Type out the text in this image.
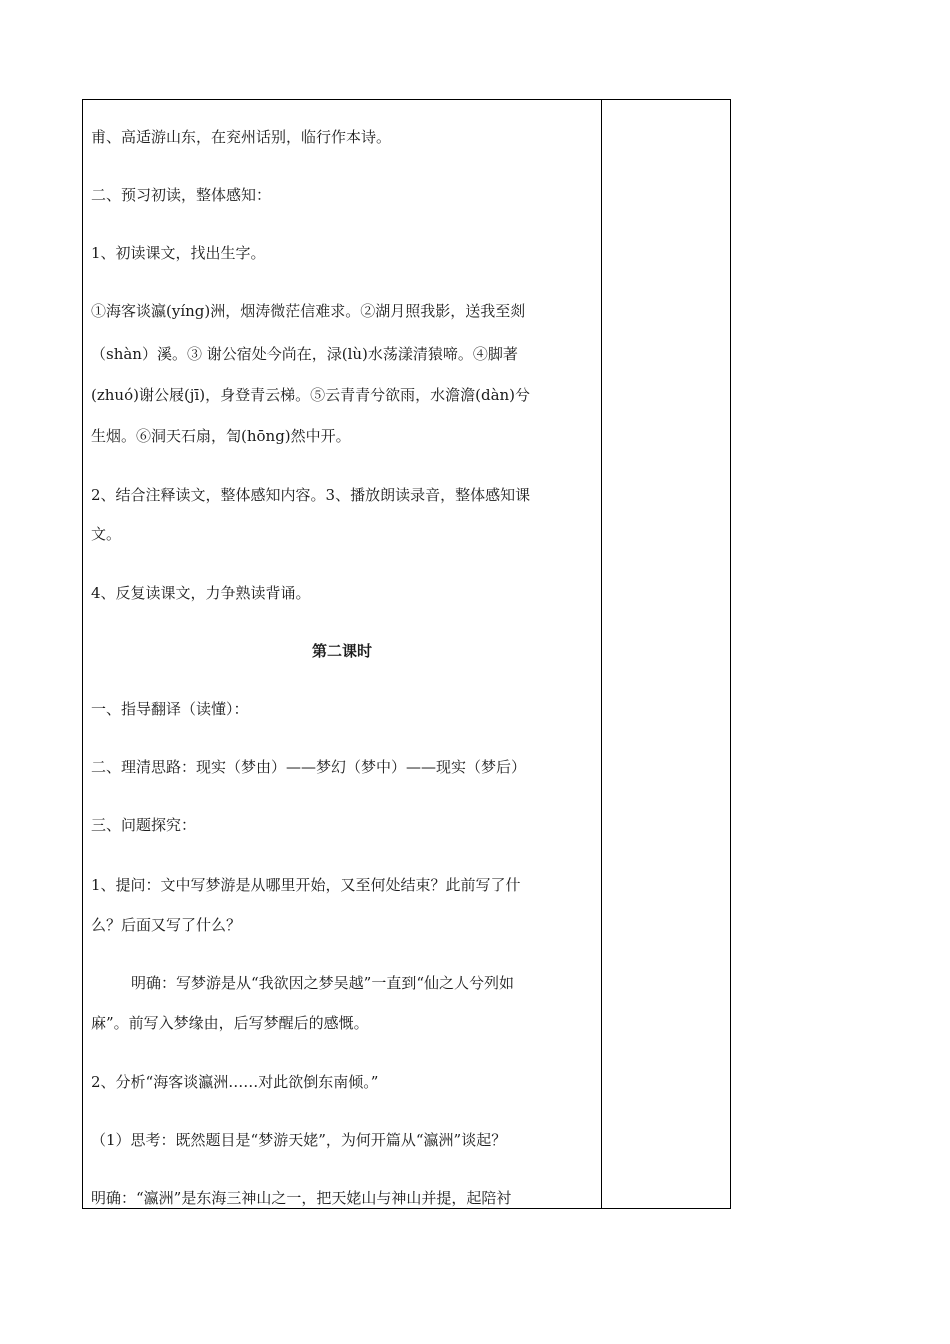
甫、高适游山东，在兖州话别，临行作本诗。
二、预习初读，整体感知：
1、初读课文，找出生字。
①海客谈瀛(yíng)洲，烟涛微茫信难求。②湖月照我影，送我至剡
（shàn）溪。③ 谢公宿处今尚在，渌(lù)水荡漾清猿啼。④脚著
(zhuó)谢公屐(jī)，身登青云梯。⑤云青青兮欲雨，水澹澹(dàn)兮
生烟。⑥洞天石扇，訇(hōng)然中开。
2、结合注释读文，整体感知内容。3、播放朗读录音，整体感知课
文。
4、反复读课文，力争熟读背诵。
第二课时
一、指导翻译（读懂）：
二、理清思路：现实（梦由）——梦幻（梦中）——现实（梦后）
三、问题探究：
1、提问：文中写梦游是从哪里开始，又至何处结束？此前写了什
么？后面又写了什么？
明确：写梦游是从“我欲因之梦吴越”一直到“仙之人兮列如
麻”。前写入梦缘由，后写梦醒后的感慨。
2、分析“海客谈瀛洲……对此欲倒东南倾。”
（1）思考：既然题目是“梦游天姥”，为何开篇从“瀛洲”谈起？
明确：“瀛洲”是东海三神山之一，把天姥山与神山并提，起陪衬
